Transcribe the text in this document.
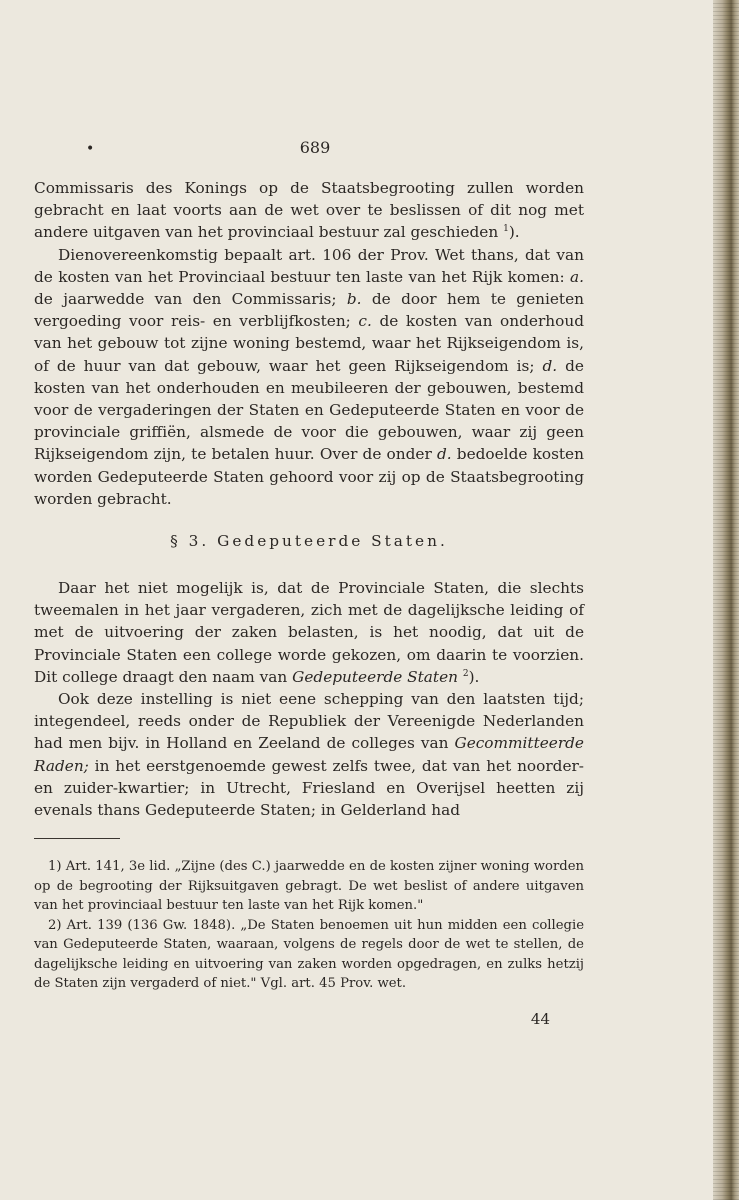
•	689

Commissaris des Konings op de Staatsbegrooting zullen worden gebracht en laat voorts aan de wet over te beslissen of dit nog met andere uitgaven van het provinciaal bestuur zal geschieden $^1$).

Dienovereenkomstig bepaalt art. 106 der Prov. Wet thans, dat van de kosten van het Provinciaal bestuur ten laste van het Rijk komen: a. de jaarwedde van den Commissaris; b. de door hem te genieten vergoeding voor reis- en verblijfkosten; c. de kosten van onderhoud van het gebouw tot zijne woning bestemd, waar het Rijkseigendom is, of de huur van dat gebouw, waar het geen Rijkseigendom is; d. de kosten van het onderhouden en meubileeren der gebouwen, bestemd voor de vergaderingen der Staten en Gedeputeerde Staten en voor de provinciale griffiën, alsmede de voor die gebouwen, waar zij geen Rijkseigendom zijn, te betalen huur. Over de onder d. bedoelde kosten worden Gedeputeerde Staten gehoord voor zij op de Staatsbegrooting worden gebracht.

§ 3. Gedeputeerde Staten.

Daar het niet mogelijk is, dat de Provinciale Staten, die slechts tweemalen in het jaar vergaderen, zich met de dagelijksche leiding of met de uitvoering der zaken belasten, is het noodig, dat uit de Provinciale Staten een college worde gekozen, om daarin te voorzien. Dit college draagt den naam van Gedeputeerde Staten $^2$).

Ook deze instelling is niet eene schepping van den laatsten tijd; integendeel, reeds onder de Republiek der Vereenigde Nederlanden had men bijv. in Holland en Zeeland de colleges van Gecommitteerde Raden; in het eerstgenoemde gewest zelfs twee, dat van het noorder- en zuider-kwartier; in Utrecht, Friesland en Overijsel heetten zij evenals thans Gedeputeerde Staten; in Gelderland had

1) Art. 141, 3e lid. „Zijne (des C.) jaarwedde en de kosten zijner woning worden op de begrooting der Rijksuitgaven gebragt. De wet beslist of andere uitgaven van het provinciaal bestuur ten laste van het Rijk komen."

2) Art. 139 (136 Gw. 1848). „De Staten benoemen uit hun midden een collegie van Gedeputeerde Staten, waaraan, volgens de regels door de wet te stellen, de dagelijksche leiding en uitvoering van zaken worden opgedragen, en zulks hetzij de Staten zijn vergaderd of niet." Vgl. art. 45 Prov. wet.

44
